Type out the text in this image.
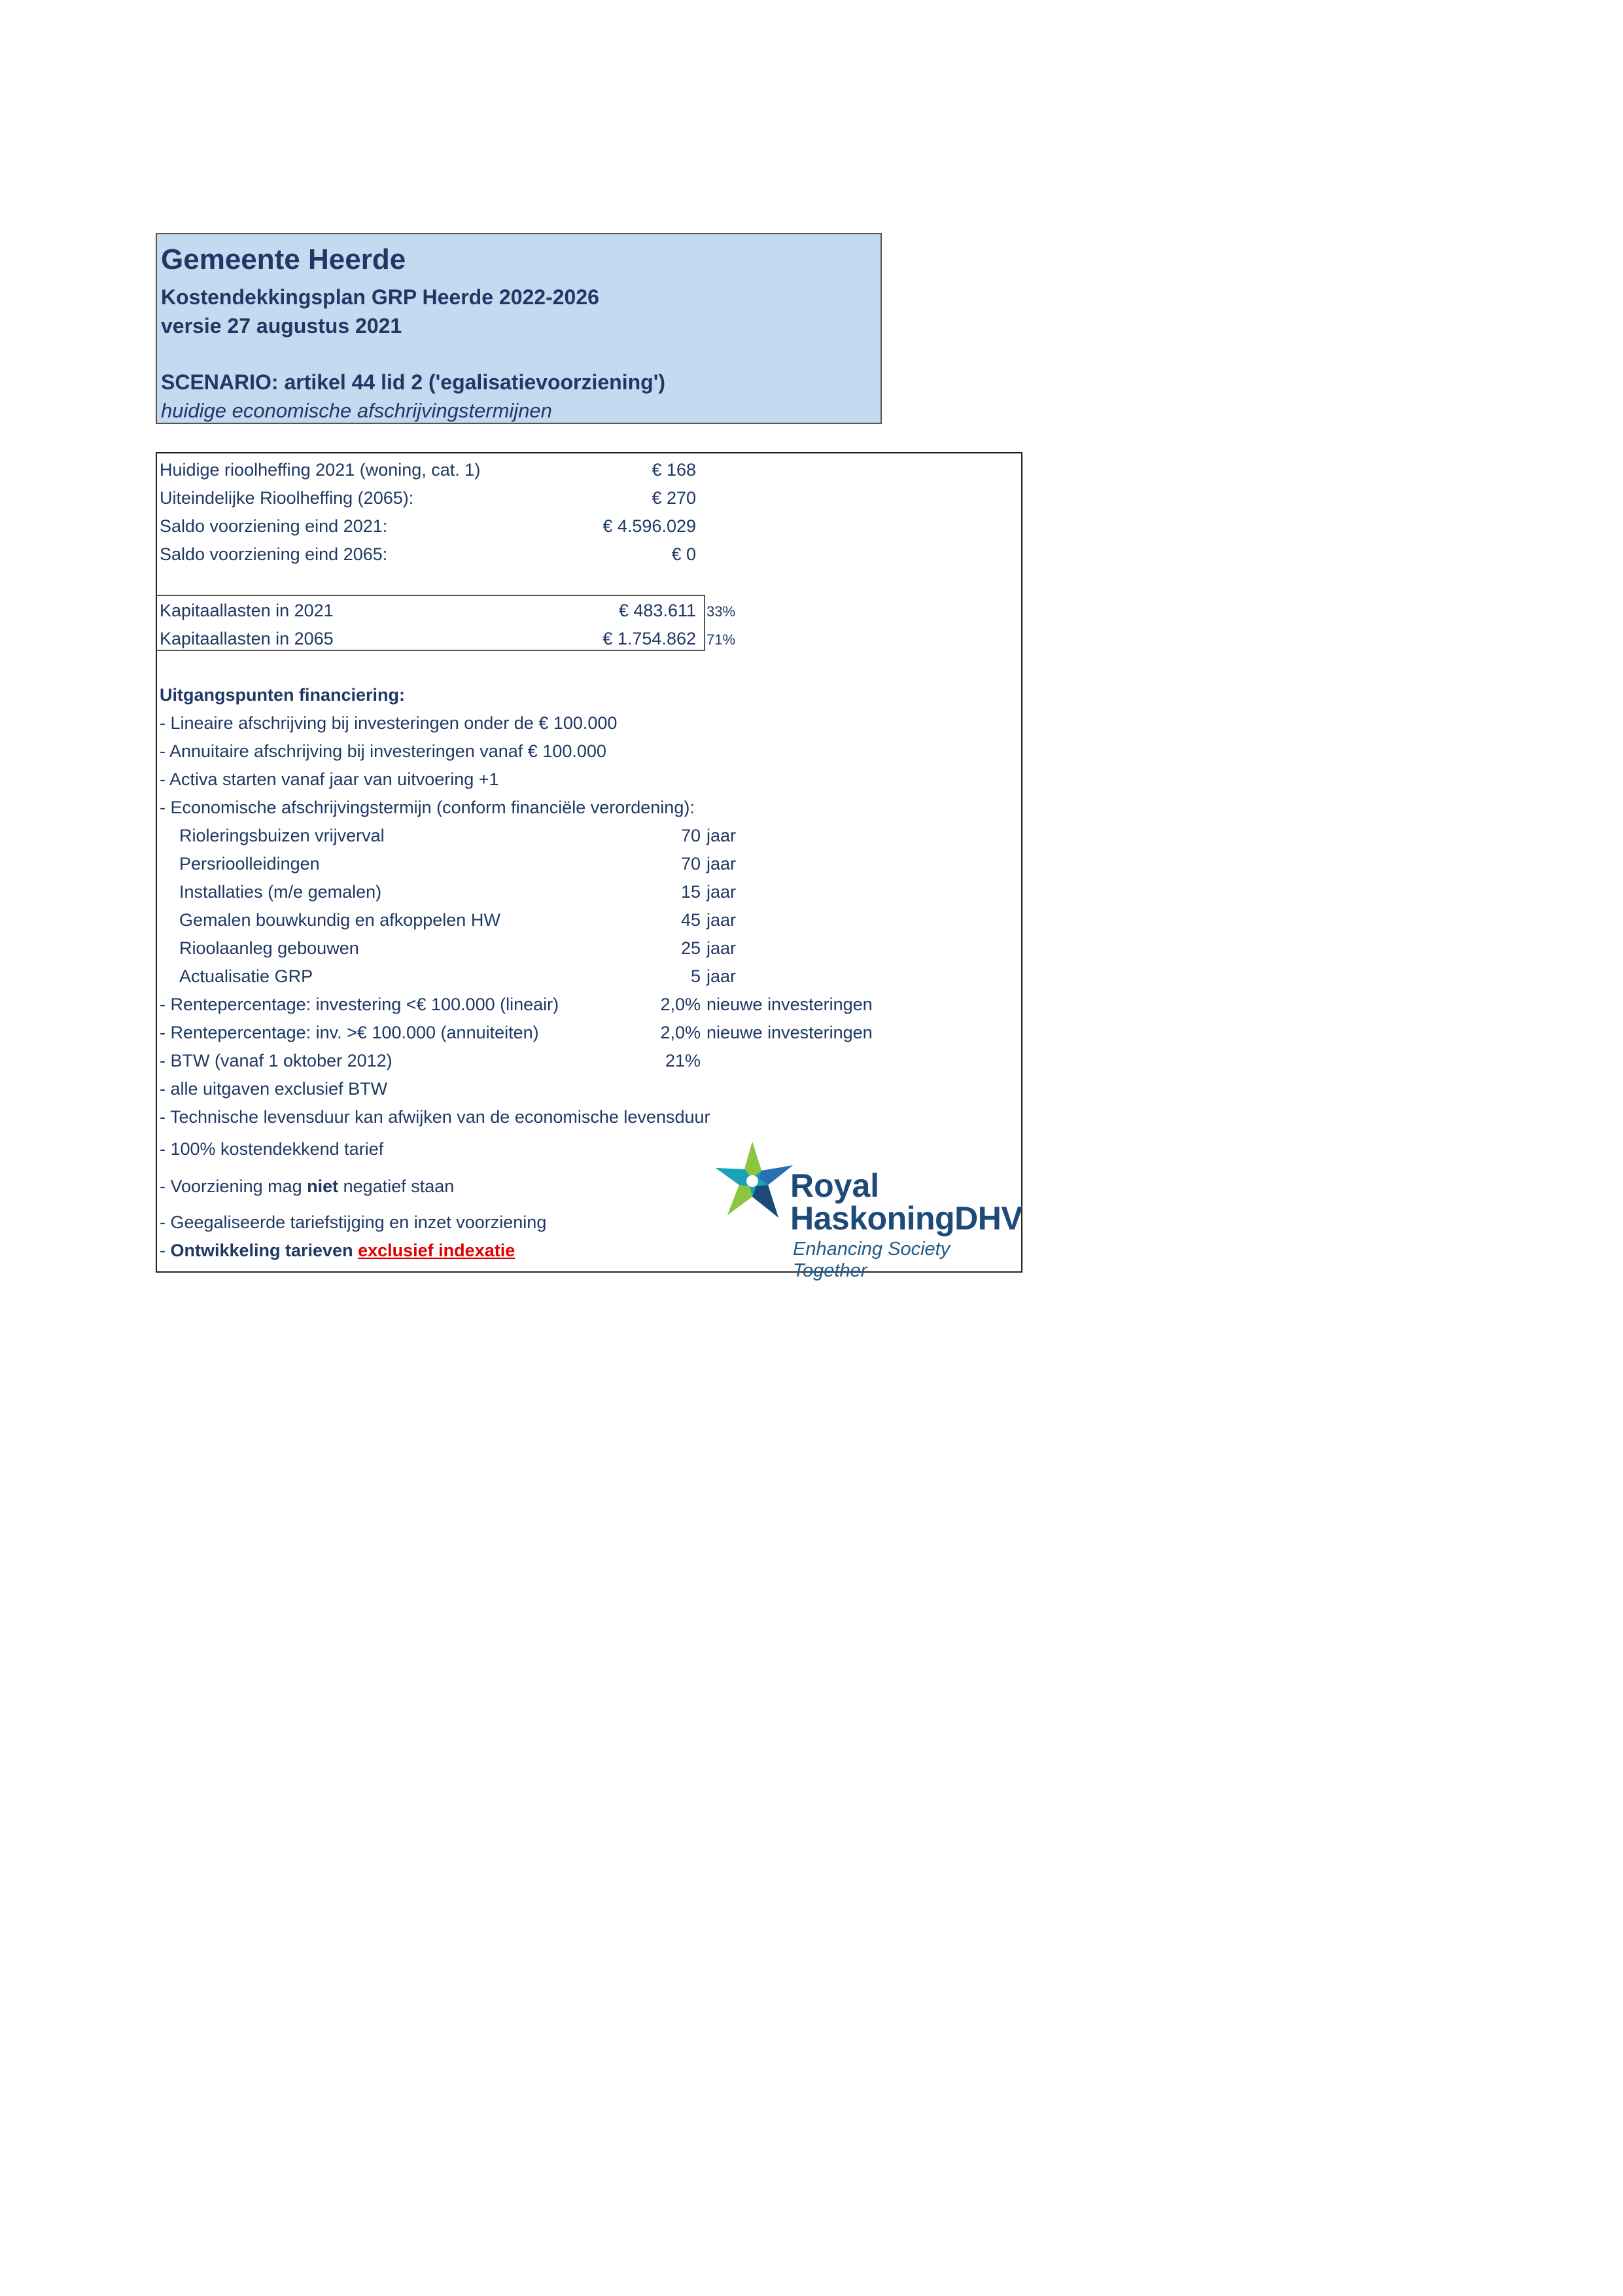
Gemeente Heerde
Kostendekkingsplan GRP Heerde 2022-2026
versie 27 augustus 2021
SCENARIO: artikel 44 lid 2 ('egalisatievoorziening')
huidige economische afschrijvingstermijnen
Huidige rioolheffing 2021 (woning, cat. 1)	€ 168
Uiteindelijke Rioolheffing (2065):	€ 270
Saldo voorziening eind 2021:	€ 4.596.029
Saldo voorziening eind 2065:	€ 0
Kapitaallasten in 2021	€ 483.611 33%
Kapitaallasten in 2065	€ 1.754.862 71%
Uitgangspunten financiering:
- Lineaire afschrijving bij investeringen onder de € 100.000
- Annuitaire afschrijving bij investeringen vanaf € 100.000
- Activa starten vanaf jaar van uitvoering +1
- Economische afschrijvingstermijn (conform financiële verordening):
Rioleringsbuizen vrijverval	70 jaar
Persrioolleidingen	70 jaar
Installaties (m/e gemalen)	15 jaar
Gemalen bouwkundig en afkoppelen HW	45 jaar
Rioolaanleg gebouwen	25 jaar
Actualisatie GRP	5 jaar
- Rentepercentage: investering <€ 100.000 (lineair)	2,0% nieuwe investeringen
- Rentepercentage: inv. >€ 100.000 (annuiteiten)	2,0% nieuwe investeringen
- BTW (vanaf 1 oktober 2012)	21%
- alle uitgaven exclusief BTW
- Technische levensduur kan afwijken van de economische levensduur
- 100% kostendekkend tarief
- Voorziening mag niet negatief staan
- Geegaliseerde tariefstijging en inzet voorziening
- Ontwikkeling tarieven exclusief indexatie
Royal
HaskoningDHV
Enhancing Society Together
